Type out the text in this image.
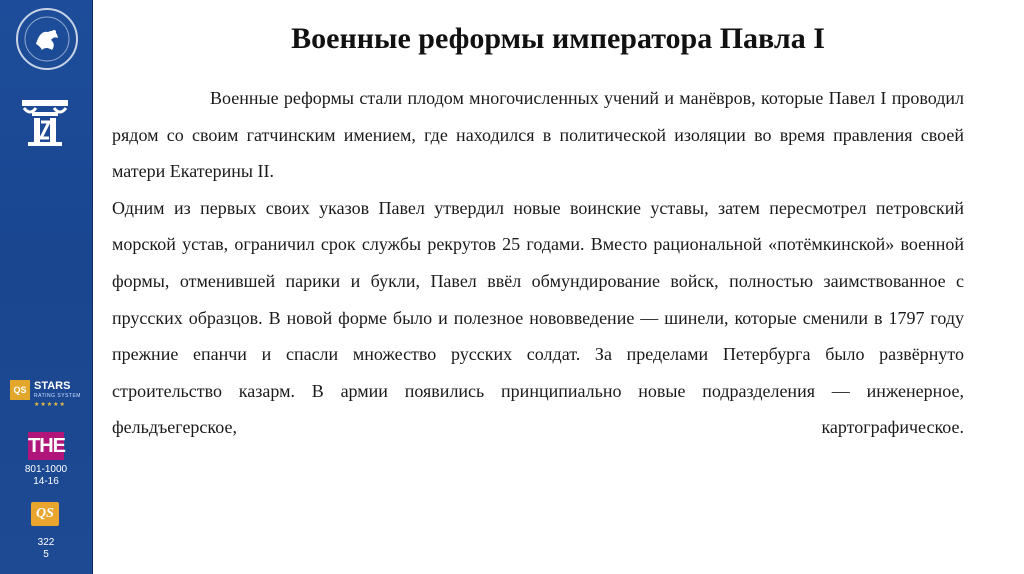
QS STARS
RATING SYSTEM
★★★★★
THE
801-1000
14-16
QS
322
5
Военные реформы императора Павла I

Военные реформы стали плодом многочисленных учений и манёвров, которые Павел I проводил рядом со своим гатчинским имением, где находился в политической изоляции во время правления своей матери Екатерины II.

Одним из первых своих указов Павел утвердил новые воинские уставы, затем пересмотрел петровский морской устав, ограничил срок службы рекрутов 25 годами. Вместо рациональной «потёмкинской» военной формы, отменившей парики и букли, Павел ввёл обмундирование войск, полностью заимствованное с прусских образцов. В новой форме было и полезное нововведение — шинели, которые сменили в 1797 году прежние епанчи и спасли множество русских солдат. За пределами Петербурга было развёрнуто строительство казарм. В армии появились принципиально новые подразделения — инженерное, фельдъегерское, картографическое.
